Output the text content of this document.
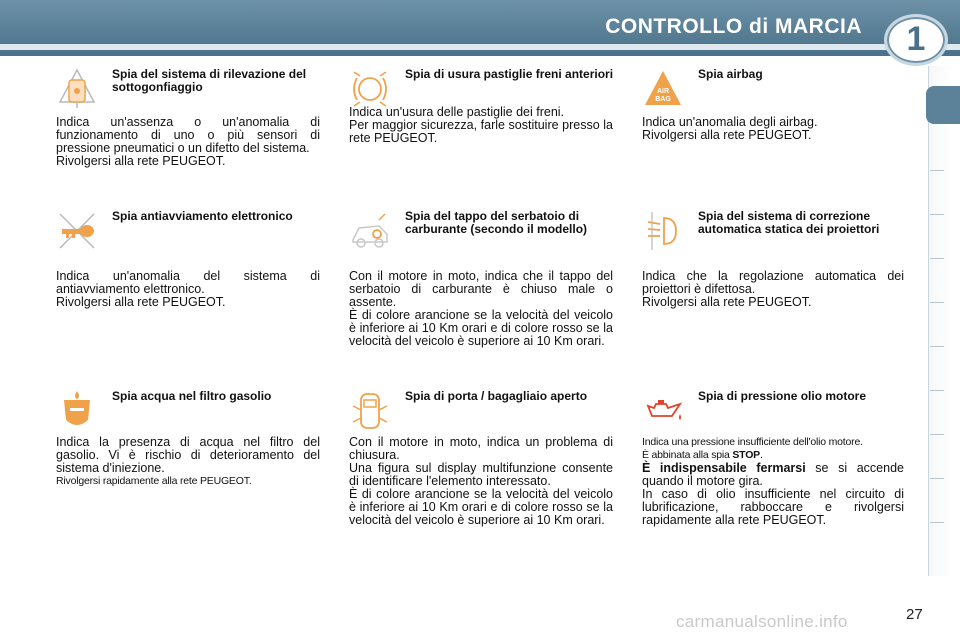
CONTROLLO di MARCIA	1
Spia del sistema di rilevazione del sottogonfiaggio

Indica un'assenza o un'anomalia di funzionamento di uno o più sensori di pressione pneumatici o un difetto del sistema.

Rivolgersi alla rete PEUGEOT.

Spia antiavviamento elettronico

Indica un'anomalia del sistema di antiavviamento elettronico.

Rivolgersi alla rete PEUGEOT.

Spia acqua nel filtro gasolio

Indica la presenza di acqua nel filtro del gasolio. Vi è rischio di deterioramento del sistema d'iniezione.

Rivolgersi rapidamente alla rete PEUGEOT.

Spia di usura pastiglie freni anteriori

Indica un'usura delle pastiglie dei freni.

Per maggior sicurezza, farle sostituire presso la rete PEUGEOT.

Spia del tappo del serbatoio di carburante (secondo il modello)

Con il motore in moto, indica che il tappo del serbatoio di carburante è chiuso male o assente.

È di colore arancione se la velocità del veicolo è inferiore ai 10 Km orari e di colore rosso se la velocità del veicolo è superiore ai 10 Km orari.

Spia di porta / bagagliaio aperto

Con il motore in moto, indica un problema di chiusura.

Una figura sul display multifunzione consente di identificare l'elemento interessato.

È di colore arancione se la velocità del veicolo è inferiore ai 10 Km orari e di colore rosso se la velocità del veicolo è superiore ai 10 Km orari.

AIR
BAG
Spia airbag

Indica un'anomalia degli airbag.

Rivolgersi alla rete PEUGEOT.

Spia del sistema di correzione automatica statica dei proiettori

Indica che la regolazione automatica dei proiettori è difettosa.

Rivolgersi alla rete PEUGEOT.

Spia di pressione olio motore

Indica una pressione insufficiente dell'olio motore.

È abbinata alla spia STOP.

È indispensabile fermarsi se si accende quando il motore gira.

In caso di olio insufficiente nel circuito di lubrificazione, rabboccare e rivolgersi rapidamente alla rete PEUGEOT.

carmanualsonline.info	27
